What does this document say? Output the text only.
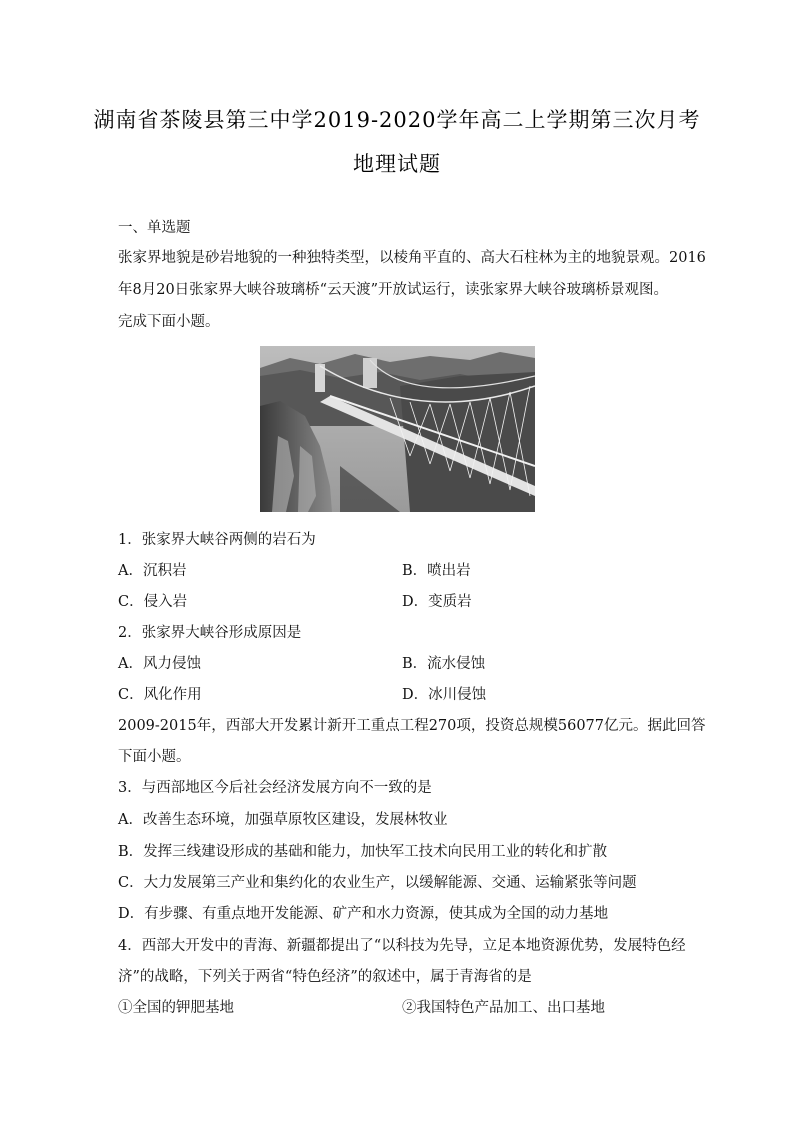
湖南省茶陵县第三中学2019-2020学年高二上学期第三次月考
地理试题
一、单选题
张家界地貌是砂岩地貌的一种独特类型，以棱角平直的、高大石柱林为主的地貌景观。2016
年8月20日张家界大峡谷玻璃桥“云天渡”开放试运行，读张家界大峡谷玻璃桥景观图。
完成下面小题。
1．张家界大峡谷两侧的岩石为
A．沉积岩	B．喷出岩
C．侵入岩	D．变质岩
2．张家界大峡谷形成原因是
A．风力侵蚀	B．流水侵蚀
C．风化作用	D．冰川侵蚀
2009-2015年，西部大开发累计新开工重点工程270项，投资总规模56077亿元。据此回答
下面小题。
3．与西部地区今后社会经济发展方向不一致的是
A．改善生态环境，加强草原牧区建设，发展林牧业
B．发挥三线建设形成的基础和能力，加快军工技术向民用工业的转化和扩散
C．大力发展第三产业和集约化的农业生产，以缓解能源、交通、运输紧张等问题
D．有步骤、有重点地开发能源、矿产和水力资源，使其成为全国的动力基地
4．西部大开发中的青海、新疆都提出了“以科技为先导，立足本地资源优势，发展特色经
济”的战略，下列关于两省“特色经济”的叙述中，属于青海省的是
①全国的钾肥基地	②我国特色产品加工、出口基地
